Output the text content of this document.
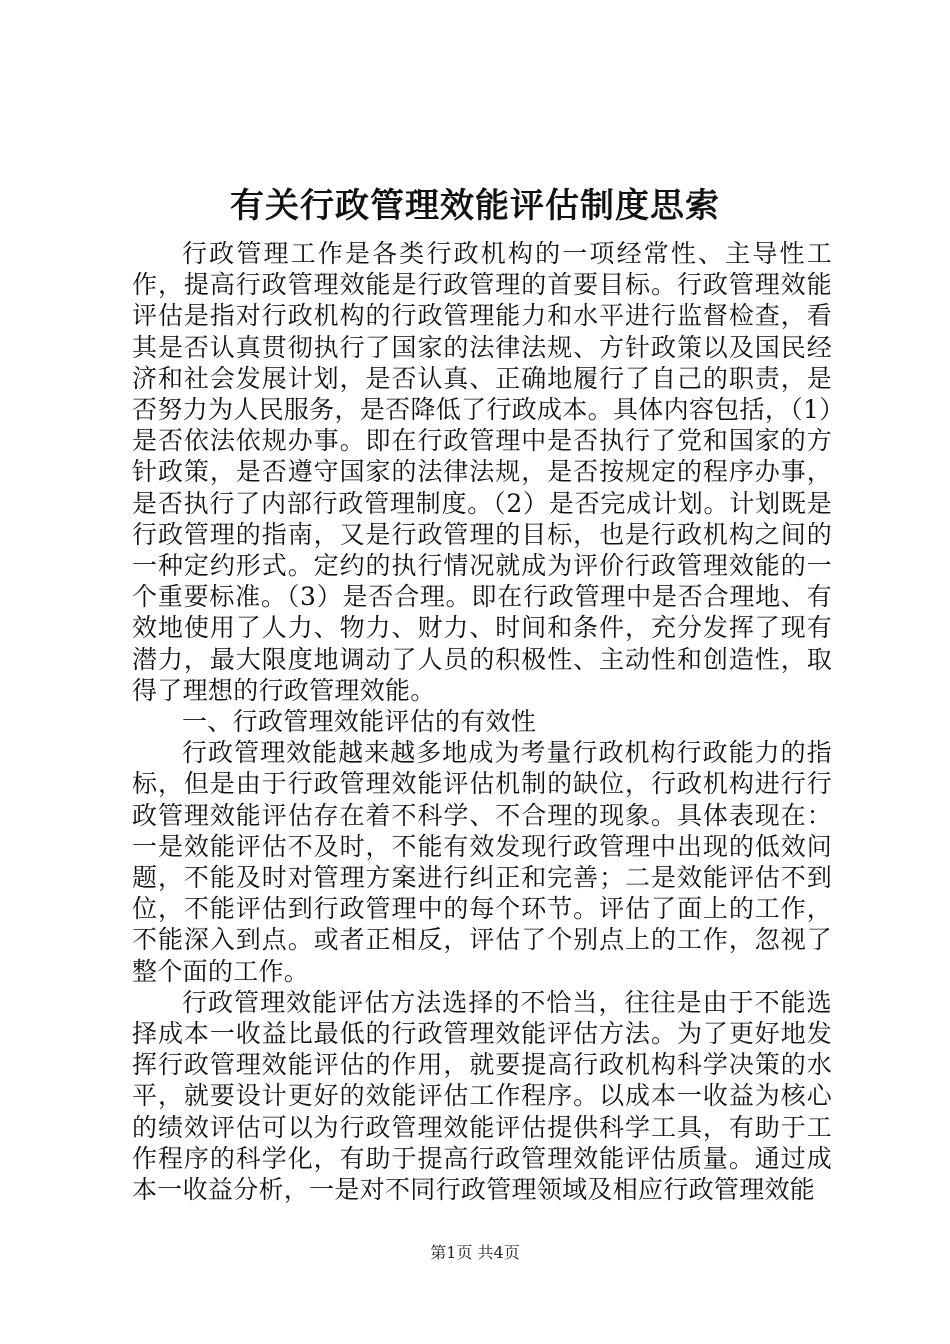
有关行政管理效能评估制度思索

行政管理工作是各类行政机构的一项经常性、主导性工作，提高行政管理效能是行政管理的首要目标。行政管理效能评估是指对行政机构的行政管理能力和水平进行监督检查，看其是否认真贯彻执行了国家的法律法规、方针政策以及国民经济和社会发展计划，是否认真、正确地履行了自己的职责，是否努力为人民服务，是否降低了行政成本。具体内容包括，（1）是否依法依规办事。即在行政管理中是否执行了党和国家的方针政策，是否遵守国家的法律法规，是否按规定的程序办事，是否执行了内部行政管理制度。（2）是否完成计划。计划既是行政管理的指南，又是行政管理的目标，也是行政机构之间的一种定约形式。定约的执行情况就成为评价行政管理效能的一个重要标准。（3）是否合理。即在行政管理中是否合理地、有效地使用了人力、物力、财力、时间和条件，充分发挥了现有潜力，最大限度地调动了人员的积极性、主动性和创造性，取得了理想的行政管理效能。

一、行政管理效能评估的有效性

行政管理效能越来越多地成为考量行政机构行政能力的指标，但是由于行政管理效能评估机制的缺位，行政机构进行行政管理效能评估存在着不科学、不合理的现象。具体表现在：一是效能评估不及时，不能有效发现行政管理中出现的低效问题，不能及时对管理方案进行纠正和完善；二是效能评估不到位，不能评估到行政管理中的每个环节。评估了面上的工作，不能深入到点。或者正相反，评估了个别点上的工作，忽视了整个面的工作。

行政管理效能评估方法选择的不恰当，往往是由于不能选择成本一收益比最低的行政管理效能评估方法。为了更好地发挥行政管理效能评估的作用，就要提高行政机构科学决策的水平，就要设计更好的效能评估工作程序。以成本一收益为核心的绩效评估可以为行政管理效能评估提供科学工具，有助于工作程序的科学化，有助于提高行政管理效能评估质量。通过成本一收益分析，一是对不同行政管理领域及相应行政管理效能

第1页 共4页
